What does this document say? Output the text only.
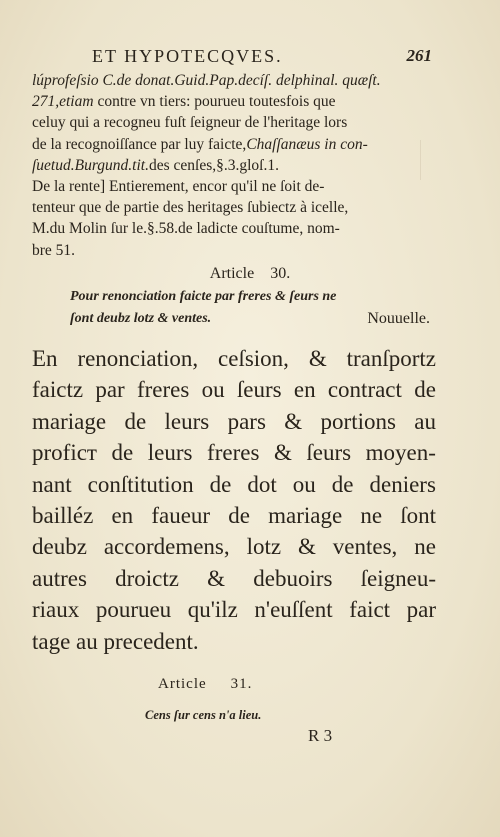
ET HYPOTECQVES.	261
lúprofeſsio C.de donat.Guid.Pap.decíſ. delphinal. quæſt.
271,etiam contre vn tiers: pourueu toutesfois que
celuy qui a recogneu fuſt ſeigneur de l'heritage lors
de la recognoiſſance par luy faicte,Chaſſanæus in con-
ſuetud.Burgund.tit.des cenſes,§.3.gloſ.1.
De la rente] Entierement, encor qu'il ne ſoit de-
tenteur que de partie des heritages ſubiectz à icelle,
M.du Molin ſur le.§.58.de ladicte couſtume, nom-
bre 51.
Article 30.
Pour renonciation faicte par freres & ſeurs ne
ſont deubz lotz & ventes.	Nouuelle.
En renonciation, ceſsion, & tranſportz
faictz par freres ou ſeurs en contract de
mariage de leurs pars & portions au
proficт de leurs freres & ſeurs moyen-
nant conſtitution de dot ou de deniers
bailléz en faueur de mariage ne ſont
deubz accordemens, lotz & ventes, ne
autres droictz & debuoirs ſeigneu-
riaux pourueu qu'ilz n'euſſent faict par
tage au precedent.
Article 31.
Cens ſur cens n'a lieu.
R 3
